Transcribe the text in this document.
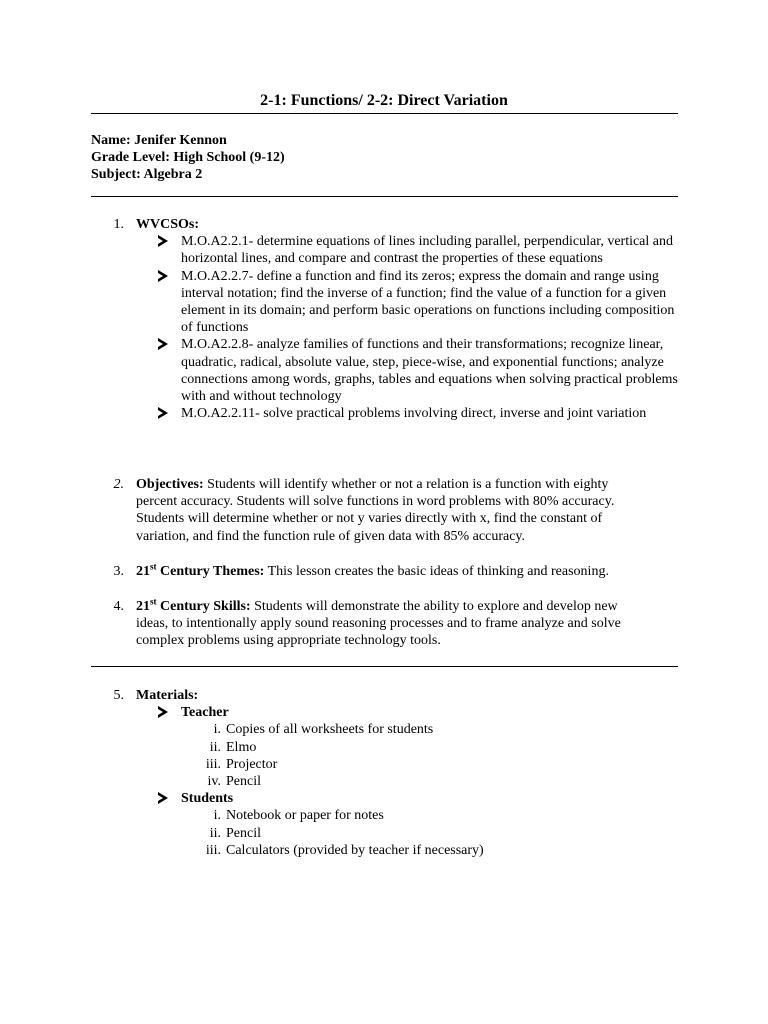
2-1: Functions/ 2-2: Direct Variation
Name: Jenifer Kennon
Grade Level: High School (9-12)
Subject: Algebra 2
1. WVCSOs:
M.O.A2.2.1- determine equations of lines including parallel, perpendicular, vertical and horizontal lines, and compare and contrast the properties of these equations
M.O.A2.2.7- define a function and find its zeros; express the domain and range using interval notation; find the inverse of a function; find the value of a function for a given element in its domain; and perform basic operations on functions including composition of functions
M.O.A2.2.8- analyze families of functions and their transformations; recognize linear, quadratic, radical, absolute value, step, piece-wise, and exponential functions; analyze connections among words, graphs, tables and equations when solving practical problems with and without technology
M.O.A2.2.11- solve practical problems involving direct, inverse and joint variation
2. Objectives: Students will identify whether or not a relation is a function with eighty percent accuracy. Students will solve functions in word problems with 80% accuracy. Students will determine whether or not y varies directly with x, find the constant of variation, and find the function rule of given data with 85% accuracy.
3. 21st Century Themes: This lesson creates the basic ideas of thinking and reasoning.
4. 21st Century Skills: Students will demonstrate the ability to explore and develop new ideas, to intentionally apply sound reasoning processes and to frame analyze and solve complex problems using appropriate technology tools.
5. Materials:
Teacher
i. Copies of all worksheets for students
ii. Elmo
iii. Projector
iv. Pencil
Students
i. Notebook or paper for notes
ii. Pencil
iii. Calculators (provided by teacher if necessary)
